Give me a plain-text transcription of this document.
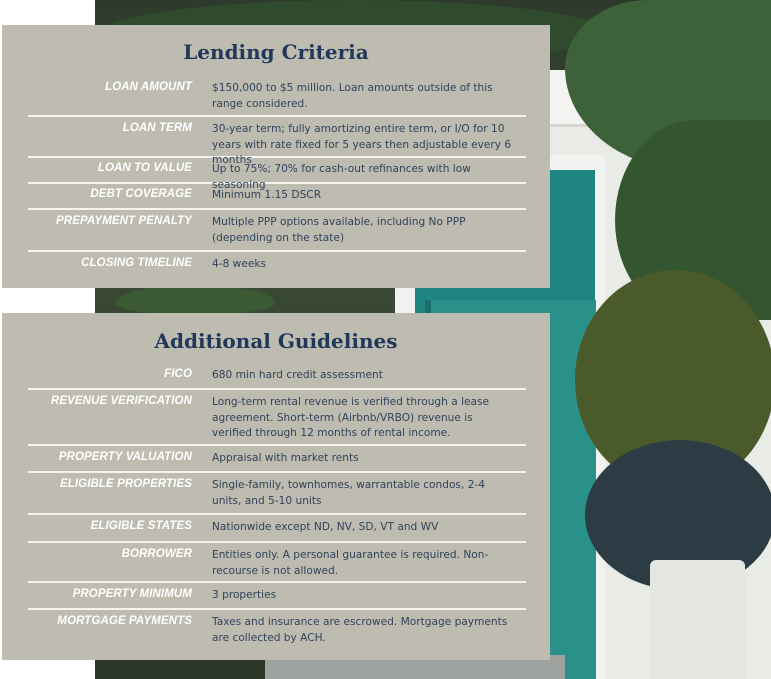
Lending Criteria
LOAN AMOUNT $150,000 to $5 million. Loan amounts outside of this range considered.
LOAN TERM 30-year term; fully amortizing entire term, or I/O for 10 years with rate fixed for 5 years then adjustable every 6 months
LOAN TO VALUE Up to 75%; 70% for cash-out refinances with low seasoning
DEBT COVERAGE Minimum 1.15 DSCR
PREPAYMENT PENALTY Multiple PPP options available, including No PPP (depending on the state)
CLOSING TIMELINE 4-8 weeks
Additional Guidelines
FICO 680 min hard credit assessment
REVENUE VERIFICATION Long-term rental revenue is verified through a lease agreement. Short-term (Airbnb/VRBO) revenue is verified through 12 months of rental income.
PROPERTY VALUATION Appraisal with market rents
ELIGIBLE PROPERTIES Single-family, townhomes, warrantable condos, 2-4 units, and 5-10 units
ELIGIBLE STATES Nationwide except ND, NV, SD, VT and WV
BORROWER Entities only. A personal guarantee is required. Non-recourse is not allowed.
PROPERTY MINIMUM 3 properties
MORTGAGE PAYMENTS Taxes and insurance are escrowed. Mortgage payments are collected by ACH.
